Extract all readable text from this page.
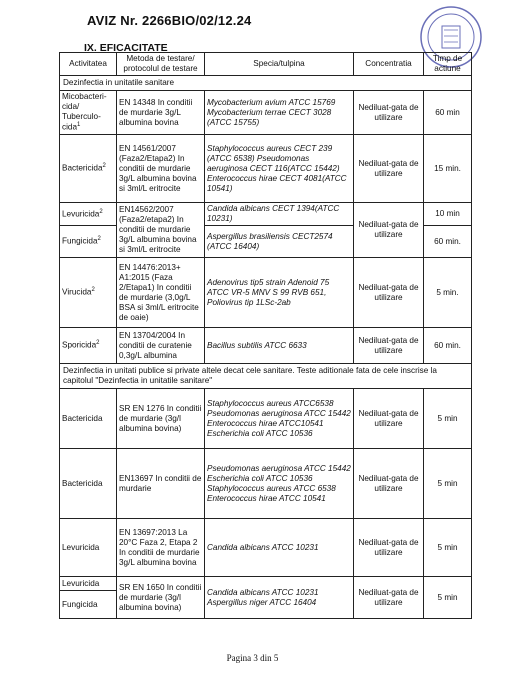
AVIZ Nr. 2266BIO/02/12.24
IX. EFICACITATE
Activitatea	Metoda de testare/ protocolul de testare	Specia/tulpina	Concentratia	Timp de actiune
Dezinfectia in unitatile sanitare				
Micobacteri-cida/ Tuberculo-cida$^1$	EN 14348 In conditii de murdarie 3g/L albumina bovina	Mycobacterium avium ATCC 15769 Mycobacterium terrae CECT 3028 (ATCC 15755)	Nediluat-gata de utilizare	60 min
Bactericida$^2$	EN 14561/2007 (Faza2/Etapa2) In conditii de murdarie 3g/L albumina bovina si 3ml/L eritrocite	Staphylococcus aureus CECT 239 (ATCC 6538) Pseudomonas aeruginosa CECT 116(ATCC 15442) Enterococcus hirae CECT 4081(ATCC 10541)	Nediluat-gata de utilizare	15 min.
Levuricida$^2$	EN14562/2007 (Faza2/etapa2) In conditii de murdarie 3g/L albumina bovina si 3ml/L eritrocite	Candida albicans CECT 1394(ATCC 10231)	Nediluat-gata de utilizare	10 min
Fungicida$^2$		Aspergillus brasiliensis CECT2574 (ATCC 16404)		60 min.
Virucida$^2$	EN 14476:2013+ A1:2015 (Faza 2/Etapa1) In conditii de murdarie (3,0g/L BSA si 3ml/L eritrocite de oaie)	Adenovirus tip5 strain Adenoid 75 ATCC VR-5 MNV S 99 RVB 651, Poliovirus tip 1LSc-2ab	Nediluat-gata de utilizare	5 min.
Sporicida$^2$	EN 13704/2004 In conditii de curatenie 0,3g/L albumina	Bacillus subtilis ATCC 6633	Nediluat-gata de utilizare	60 min.
Dezinfectia in unitati publice si private altele decat cele sanitare. Teste aditionale fata de cele inscrise la capitolul "Dezinfectia in unitatile sanitare"				
Bactericida	SR EN 1276 In conditii de murdarie (3g/l albumina bovina)	Staphylococcus aureus ATCC6538 Pseudomonas aeruginosa ATCC 15442 Enterococcus hirae ATCC10541 Escherichia coli ATCC 10536	Nediluat-gata de utilizare	5 min
Bactericida	EN13697 In conditii de murdarie	Pseudomonas aeruginosa ATCC 15442 Escherichia coli ATCC 10536 Staphylococcus aureus ATCC 6538 Enterococcus hirae ATCC 10541	Nediluat-gata de utilizare	5 min
Levuricida	EN 13697:2013 La 20°C Faza 2, Etapa 2 In conditii de murdarie 3g/L albumina bovina	Candida albicans ATCC 10231	Nediluat-gata de utilizare	5 min
Levuricida	SR EN 1650 In conditii de murdarie (3g/l albumina bovina)	Candida albicans ATCC 10231 Aspergillus niger ATCC 16404	Nediluat-gata de utilizare	5 min
Fungicida				
Pagina 3 din 5
